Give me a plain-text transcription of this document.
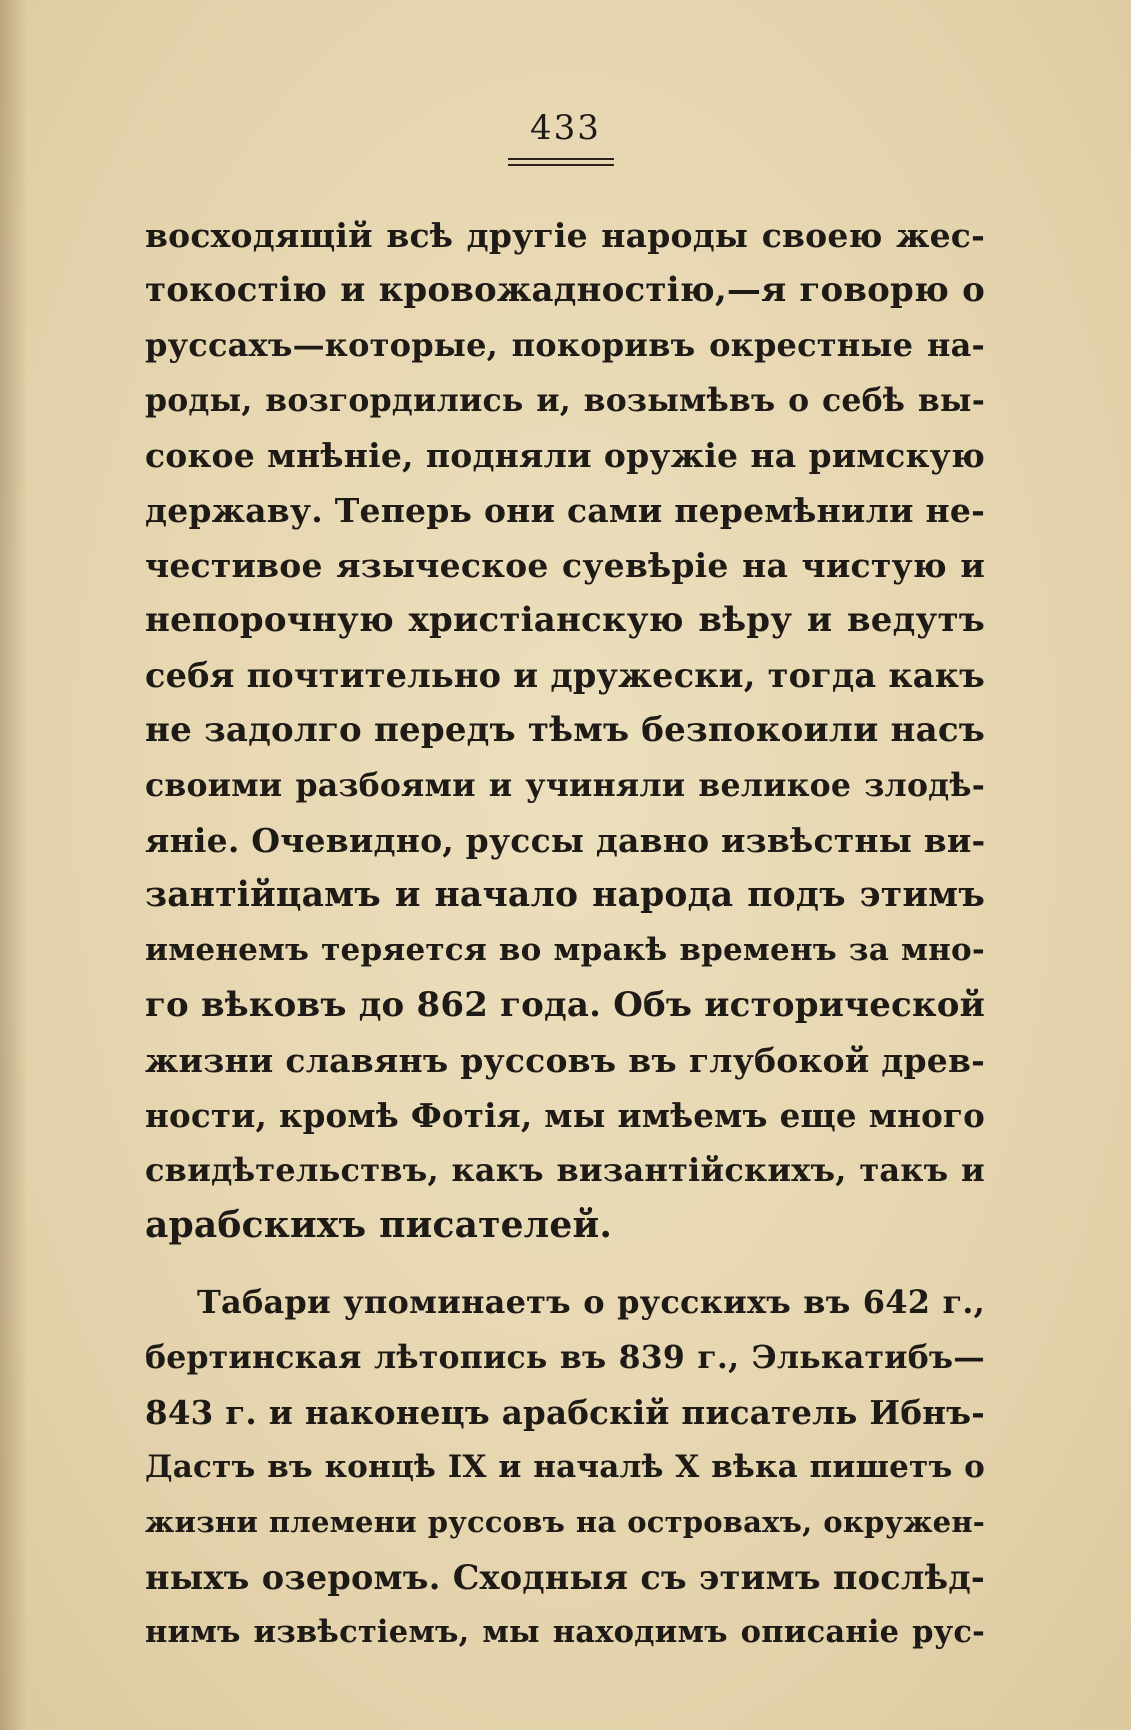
433
восходящій всѣ другіе народы своею жес-
токостію и кровожадностію,—я говорю о
руссахъ—которые, покоривъ окрестные на-
роды, возгордились и, возымѣвъ о себѣ вы-
сокое мнѣніе, подняли оружіе на римскую
державу. Теперь они сами перемѣнили не-
честивое языческое суевѣріе на чистую и
непорочную христіанскую вѣру и ведутъ
себя почтительно и дружески, тогда какъ
не задолго передъ тѣмъ безпокоили насъ
своими разбоями и учиняли великое злодѣ-
яніе. Очевидно, руссы давно извѣстны ви-
зантійцамъ и начало народа подъ этимъ
именемъ теряется во мракѣ временъ за мно-
го вѣковъ до 862 года. Объ исторической
жизни славянъ руссовъ въ глубокой древ-
ности, кромѣ Фотія, мы имѣемъ еще много
свидѣтельствъ, какъ византійскихъ, такъ и
арабскихъ писателей.
Табари упоминаетъ о русскихъ въ 642 г.,
бертинская лѣтопись въ 839 г., Элькатибъ—
843 г. и наконецъ арабскій писатель Ибнъ-
Дастъ въ концѣ IX и началѣ X вѣка пишетъ о
жизни племени руссовъ на островахъ, окружен-
ныхъ озеромъ. Сходныя съ этимъ послѣд-
нимъ извѣстіемъ, мы находимъ описаніе рус-
